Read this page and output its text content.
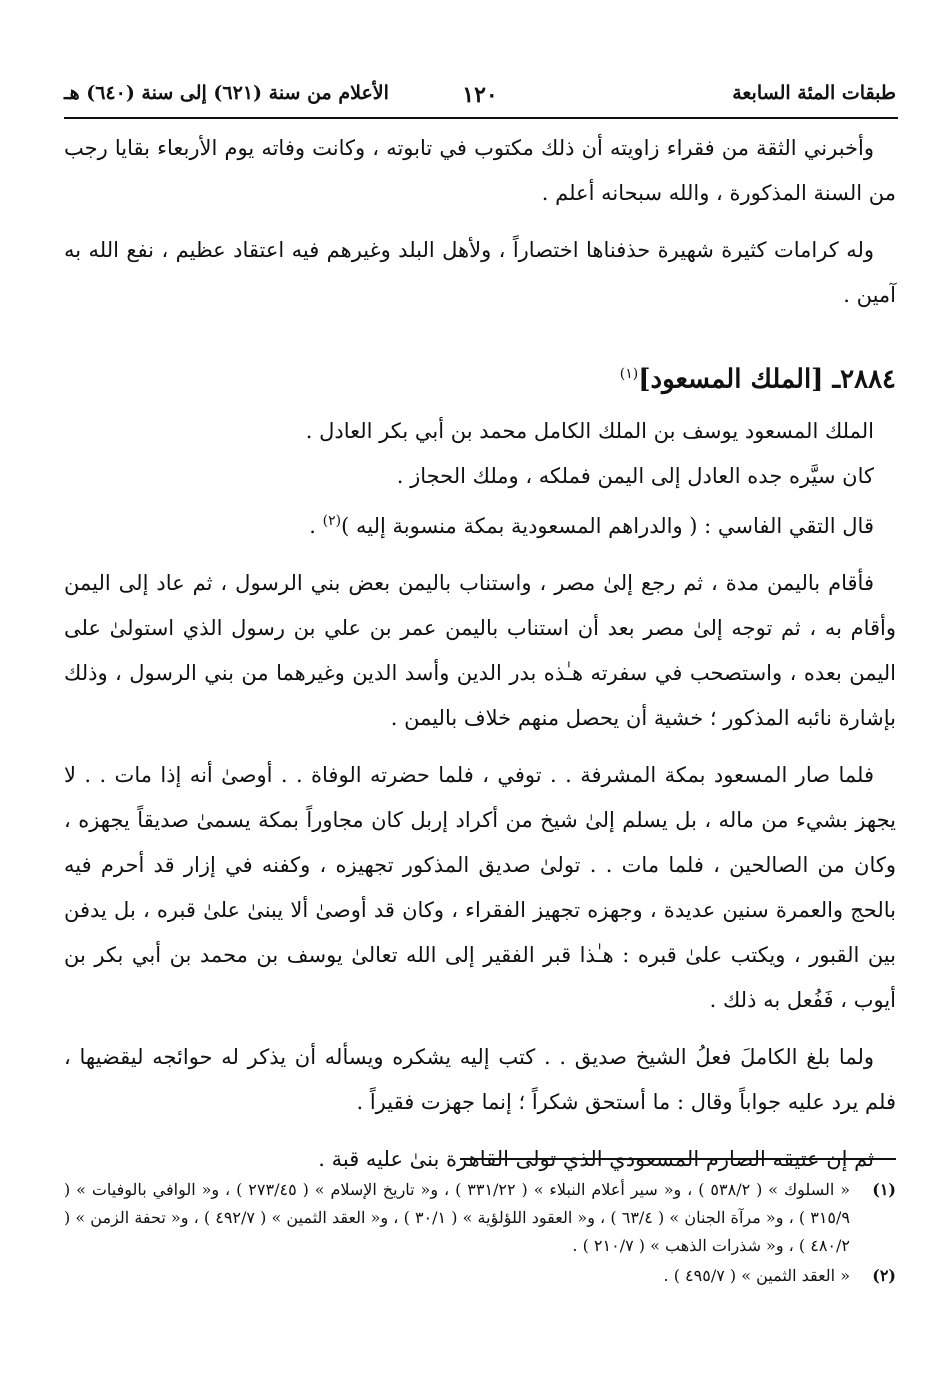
طبقات المئة السابعة
١٢٠
الأعلام من سنة (٦٢١) إلى سنة (٦٤٠) هـ

وأخبرني الثقة من فقراء زاويته أن ذلك مكتوب في تابوته ، وكانت وفاته يوم الأربعاء بقايا رجب من السنة المذكورة ، والله سبحانه أعلم .

وله كرامات كثيرة شهيرة حذفناها اختصاراً ، ولأهل البلد وغيرهم فيه اعتقاد عظيم ، نفع الله به آمين .

٢٨٨٤ـ [الملك المسعود]$^{(١)}$

الملك المسعود يوسف بن الملك الكامل محمد بن أبي بكر العادل .

كان سيَّره جده العادل إلى اليمن فملكه ، وملك الحجاز .

قال التقي الفاسي : ( والدراهم المسعودية بمكة منسوبة إليه )$^{(٢)}$ .

فأقام باليمن مدة ، ثم رجع إلىٰ مصر ، واستناب باليمن بعض بني الرسول ، ثم عاد إلى اليمن وأقام به ، ثم توجه إلىٰ مصر بعد أن استناب باليمن عمر بن علي بن رسول الذي استولىٰ على اليمن بعده ، واستصحب في سفرته هـٰذه بدر الدين وأسد الدين وغيرهما من بني الرسول ، وذلك بإشارة نائبه المذكور ؛ خشية أن يحصل منهم خلاف باليمن .

فلما صار المسعود بمكة المشرفة . . توفي ، فلما حضرته الوفاة . . أوصىٰ أنه إذا مات . . لا يجهز بشيء من ماله ، بل يسلم إلىٰ شيخ من أكراد إربل كان مجاوراً بمكة يسمىٰ صديقاً يجهزه ، وكان من الصالحين ، فلما مات . . تولىٰ صديق المذكور تجهيزه ، وكفنه في إزار قد أحرم فيه بالحج والعمرة سنين عديدة ، وجهزه تجهيز الفقراء ، وكان قد أوصىٰ ألا يبنىٰ علىٰ قبره ، بل يدفن بين القبور ، ويكتب علىٰ قبره : هـٰذا قبر الفقير إلى الله تعالىٰ يوسف بن محمد بن أبي بكر بن أيوب ، فَفُعل به ذلك .

ولما بلغ الكاملَ فعلُ الشيخ صديق . . كتب إليه يشكره ويسأله أن يذكر له حوائجه ليقضيها ، فلم يرد عليه جواباً وقال : ما أستحق شكراً ؛ إنما جهزت فقيراً .

ثم إن عتيقه الصارم المسعودي الذي تولى القاهرة بنىٰ عليه قبة .

(١)
« السلوك » ( ٥٣٨/٢ ) ، و« سير أعلام النبلاء » ( ٣٣١/٢٢ ) ، و« تاريخ الإسلام » ( ٢٧٣/٤٥ ) ، و« الوافي بالوفيات » ( ٣١٥/٩ ) ، و« مرآة الجنان » ( ٦٣/٤ ) ، و« العقود اللؤلؤية » ( ٣٠/١ ) ، و« العقد الثمين » ( ٤٩٢/٧ ) ، و« تحفة الزمن » ( ٤٨٠/٢ ) ، و« شذرات الذهب » ( ٢١٠/٧ ) .
(٢)
« العقد الثمين » ( ٤٩٥/٧ ) .
